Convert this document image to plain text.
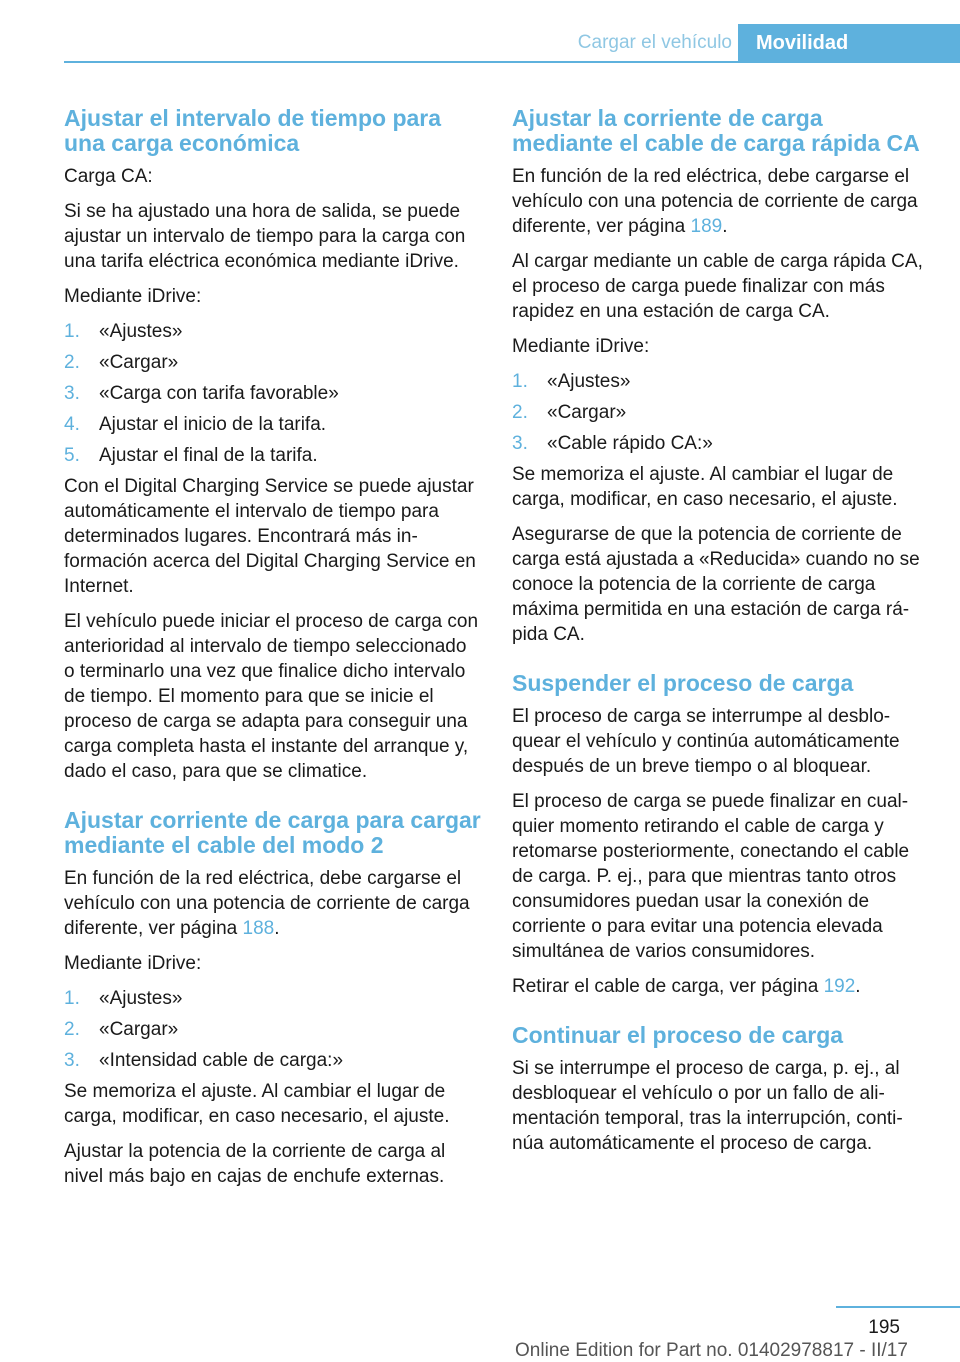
Cargar el vehículo	Movilidad
Ajustar el intervalo de tiempo para una carga económica

Carga CA:

Si se ha ajustado una hora de salida, se puede ajustar un intervalo de tiempo para la carga con una tarifa eléctrica económica mediante iDrive.

Mediante iDrive:

1. «Ajustes»
2. «Cargar»
3. «Carga con tarifa favorable»
4. Ajustar el inicio de la tarifa.
5. Ajustar el final de la tarifa.

Con el Digital Charging Service se puede ajustar automáticamente el intervalo de tiempo para determinados lugares. Encontrará más información acerca del Digital Charging Service en Internet.

El vehículo puede iniciar el proceso de carga con anterioridad al intervalo de tiempo seleccionado o terminarlo una vez que finalice dicho intervalo de tiempo. El momento para que se inicie el proceso de carga se adapta para conseguir una carga completa hasta el instante del arranque y, dado el caso, para que se climatice.

Ajustar corriente de carga para cargar mediante el cable del modo 2

En función de la red eléctrica, debe cargarse el vehículo con una potencia de corriente de carga diferente, ver página 188.

Mediante iDrive:

1. «Ajustes»
2. «Cargar»
3. «Intensidad cable de carga:»

Se memoriza el ajuste. Al cambiar el lugar de carga, modificar, en caso necesario, el ajuste.

Ajustar la potencia de la corriente de carga al nivel más bajo en cajas de enchufe externas.

Ajustar la corriente de carga mediante el cable de carga rápida CA

En función de la red eléctrica, debe cargarse el vehículo con una potencia de corriente de carga diferente, ver página 189.

Al cargar mediante un cable de carga rápida CA, el proceso de carga puede finalizar con más rapidez en una estación de carga CA.

Mediante iDrive:

1. «Ajustes»
2. «Cargar»
3. «Cable rápido CA:»

Se memoriza el ajuste. Al cambiar el lugar de carga, modificar, en caso necesario, el ajuste.

Asegurarse de que la potencia de corriente de carga está ajustada a «Reducida» cuando no se conoce la potencia de la corriente de carga máxima permitida en una estación de carga rápida CA.

Suspender el proceso de carga

El proceso de carga se interrumpe al desbloquear el vehículo y continúa automáticamente después de un breve tiempo o al bloquear.

El proceso de carga se puede finalizar en cualquier momento retirando el cable de carga y retomarse posteriormente, conectando el cable de carga. P. ej., para que mientras tanto otros consumidores puedan usar la conexión de corriente o para evitar una potencia elevada simultánea de varios consumidores.

Retirar el cable de carga, ver página 192.

Continuar el proceso de carga

Si se interrumpe el proceso de carga, p. ej., al desbloquear el vehículo o por un fallo de alimentación temporal, tras la interrupción, continúa automáticamente el proceso de carga.

195
Online Edition for Part no. 01402978817 - II/17
